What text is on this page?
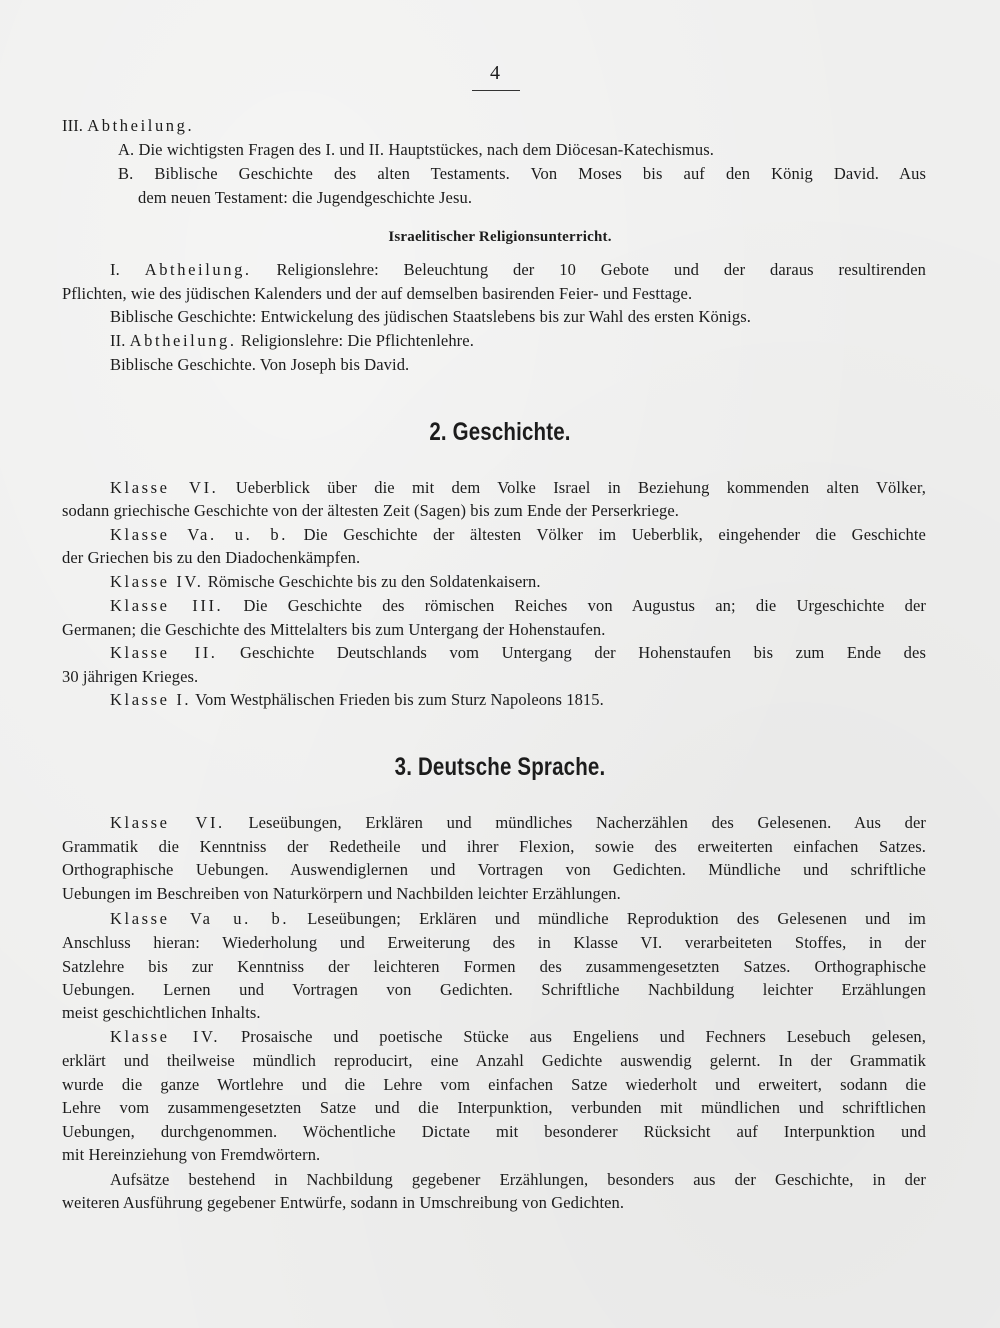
4
III. Abtheilung.
A. Die wichtigsten Fragen des I. und II. Hauptstückes, nach dem Diöcesan-Katechismus.
B. Biblische Geschichte des alten Testaments. Von Moses bis auf den König David. Aus
dem neuen Testament: die Jugendgeschichte Jesu.
Israelitischer Religionsunterricht.
I. Abtheilung. Religionslehre: Beleuchtung der 10 Gebote und der daraus resultirenden
Pflichten, wie des jüdischen Kalenders und der auf demselben basirenden Feier- und Festtage.
Biblische Geschichte: Entwickelung des jüdischen Staatslebens bis zur Wahl des ersten Königs.
II. Abtheilung. Religionslehre: Die Pflichtenlehre.
Biblische Geschichte. Von Joseph bis David.
2. Geschichte.
Klasse VI. Ueberblick über die mit dem Volke Israel in Beziehung kommenden alten Völker,
sodann griechische Geschichte von der ältesten Zeit (Sagen) bis zum Ende der Perserkriege.
Klasse Va. u. b. Die Geschichte der ältesten Völker im Ueberblik, eingehender die Geschichte
der Griechen bis zu den Diadochenkämpfen.
Klasse IV. Römische Geschichte bis zu den Soldatenkaisern.
Klasse III. Die Geschichte des römischen Reiches von Augustus an; die Urgeschichte der
Germanen; die Geschichte des Mittelalters bis zum Untergang der Hohenstaufen.
Klasse II. Geschichte Deutschlands vom Untergang der Hohenstaufen bis zum Ende des
30 jährigen Krieges.
Klasse I. Vom Westphälischen Frieden bis zum Sturz Napoleons 1815.
3. Deutsche Sprache.
Klasse VI. Leseübungen, Erklären und mündliches Nacherzählen des Gelesenen. Aus der
Grammatik die Kenntniss der Redetheile und ihrer Flexion, sowie des erweiterten einfachen Satzes.
Orthographische Uebungen. Auswendiglernen und Vortragen von Gedichten. Mündliche und schriftliche
Uebungen im Beschreiben von Naturkörpern und Nachbilden leichter Erzählungen.
Klasse Va u. b. Leseübungen; Erklären und mündliche Reproduktion des Gelesenen und im
Anschluss hieran: Wiederholung und Erweiterung des in Klasse VI. verarbeiteten Stoffes, in der
Satzlehre bis zur Kenntniss der leichteren Formen des zusammengesetzten Satzes. Orthographische
Uebungen. Lernen und Vortragen von Gedichten. Schriftliche Nachbildung leichter Erzählungen
meist geschichtlichen Inhalts.
Klasse IV. Prosaische und poetische Stücke aus Engeliens und Fechners Lesebuch gelesen,
erklärt und theilweise mündlich reproducirt, eine Anzahl Gedichte auswendig gelernt. In der Grammatik
wurde die ganze Wortlehre und die Lehre vom einfachen Satze wiederholt und erweitert, sodann die
Lehre vom zusammengesetzten Satze und die Interpunktion, verbunden mit mündlichen und schriftlichen
Uebungen, durchgenommen. Wöchentliche Dictate mit besonderer Rücksicht auf Interpunktion und
mit Hereinziehung von Fremdwörtern.
Aufsätze bestehend in Nachbildung gegebener Erzählungen, besonders aus der Geschichte, in der
weiteren Ausführung gegebener Entwürfe, sodann in Umschreibung von Gedichten.
